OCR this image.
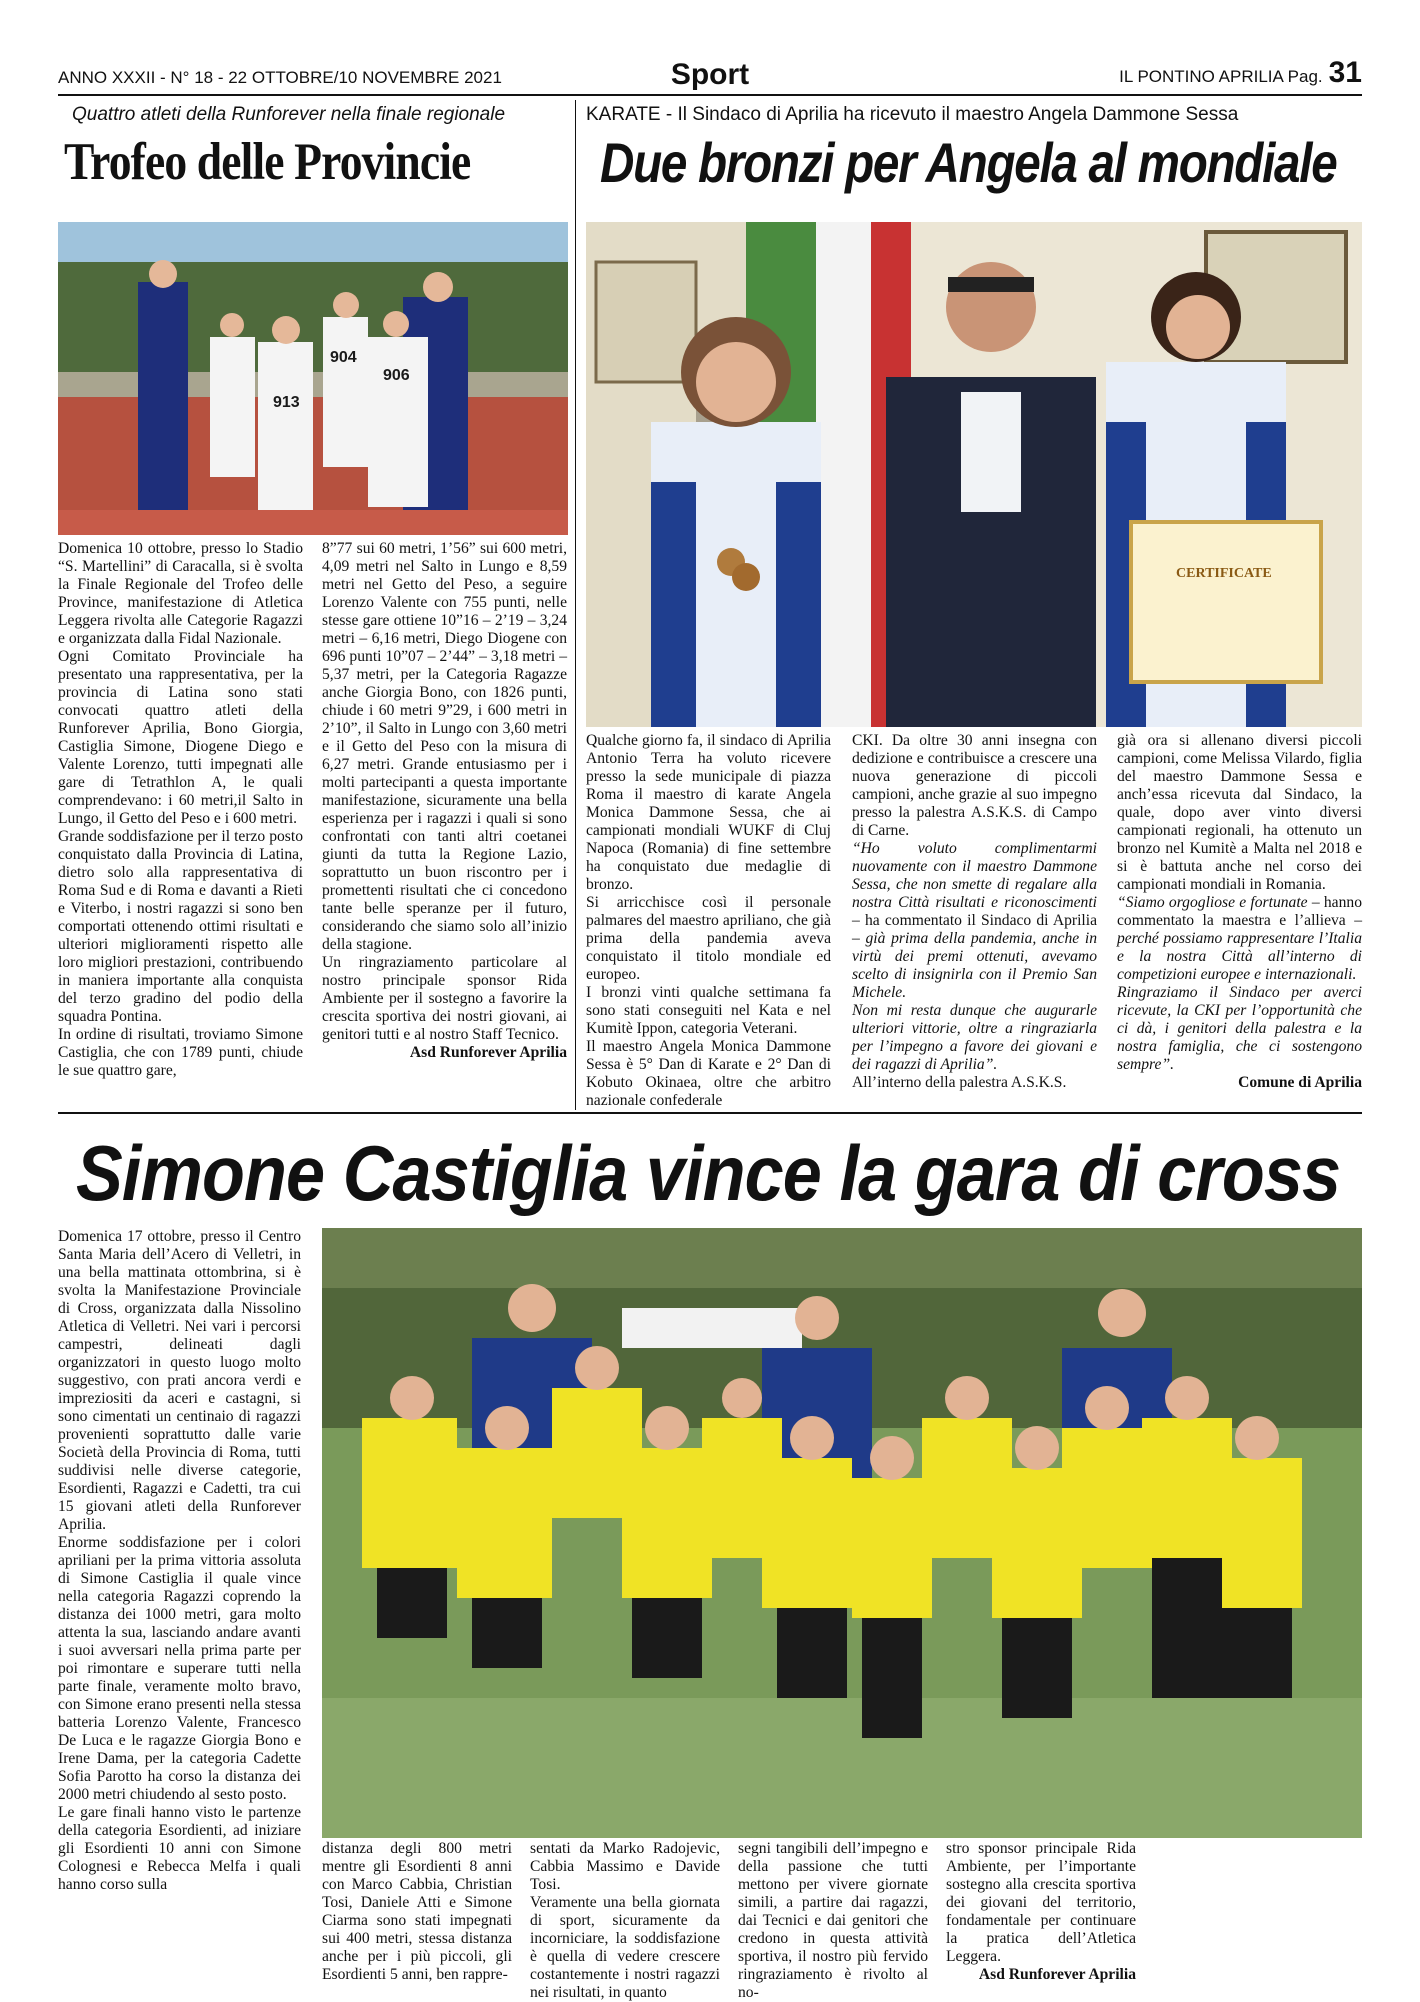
ANNO XXXII - N° 18 - 22 OTTOBRE/10 NOVEMBRE 2021	Sport	IL PONTINO APRILIA Pag. 31
Quattro atleti della Runforever nella finale regionale
Trofeo delle Provincie
913
904
906

Domenica 10 ottobre, presso lo Stadio “S. Martellini” di Caracalla, si è svolta la Finale Regionale del Trofeo delle Province, manifestazione di Atletica Leggera rivolta alle Categorie Ragazzi e organizzata dalla Fidal Nazionale.

Ogni Comitato Provinciale ha presentato una rappresentativa, per la provincia di Latina sono stati convocati quattro atleti della Runforever Aprilia, Bono Giorgia, Castiglia Simone, Diogene Diego e Valente Lorenzo, tutti impegnati alle gare di Tetrathlon A, le quali comprendevano: i 60 metri,il Salto in Lungo, il Getto del Peso e i 600 metri.

Grande soddisfazione per il terzo posto conquistato dalla Provincia di Latina, dietro solo alla rappresentativa di Roma Sud e di Roma e davanti a Rieti e Viterbo, i nostri ragazzi si sono ben comportati ottenendo ottimi risultati e ulteriori miglioramenti rispetto alle loro migliori prestazioni, contribuendo in maniera importante alla conquista del terzo gradino del podio della squadra Pontina.

In ordine di risultati, troviamo Simone Castiglia, che con 1789 punti, chiude le sue quattro gare,

8”77 sui 60 metri, 1’56” sui 600 metri, 4,09 metri nel Salto in Lungo e 8,59 metri nel Getto del Peso, a seguire Lorenzo Valente con 755 punti, nelle stesse gare ottiene 10”16 – 2’19 – 3,24 metri – 6,16 metri, Diego Diogene con 696 punti 10”07 – 2’44” – 3,18 metri – 5,37 metri, per la Categoria Ragazze anche Giorgia Bono, con 1826 punti, chiude i 60 metri 9”29, i 600 metri in 2’10”, il Salto in Lungo con 3,60 metri e il Getto del Peso con la misura di 6,27 metri. Grande entusiasmo per i molti partecipanti a questa importante manifestazione, sicuramente una bella esperienza per i ragazzi i quali si sono confrontati con tanti altri coetanei giunti da tutta la Regione Lazio, soprattutto un buon riscontro per i promettenti risultati che ci concedono tante belle speranze per il futuro, considerando che siamo solo all’inizio della stagione.

Un ringraziamento particolare al nostro principale sponsor Rida Ambiente per il sostegno a favorire la crescita sportiva dei nostri giovani, ai genitori tutti e al nostro Staff Tecnico.

Asd Runforever Aprilia

KARATE - Il Sindaco di Aprilia ha ricevuto il maestro Angela Dammone Sessa
Due bronzi per Angela al mondiale
CERTIFICATE

Qualche giorno fa, il sindaco di Aprilia Antonio Terra ha voluto ricevere presso la sede municipale di piazza Roma il maestro di karate Angela Monica Dammone Sessa, che ai campionati mondiali WUKF di Cluj Napoca (Romania) di fine settembre ha conquistato due medaglie di bronzo.

Si arricchisce così il personale palmares del maestro apriliano, che già prima della pandemia aveva conquistato il titolo mondiale ed europeo.

I bronzi vinti qualche settimana fa sono stati conseguiti nel Kata e nel Kumitè Ippon, categoria Veterani.

Il maestro Angela Monica Dammone Sessa è 5° Dan di Karate e 2° Dan di Kobuto Okinaea, oltre che arbitro nazionale confederale

CKI. Da oltre 30 anni insegna con dedizione e contribuisce a crescere una nuova generazione di piccoli campioni, anche grazie al suo impegno presso la palestra A.S.K.S. di Campo di Carne.

“Ho voluto complimentarmi nuovamente con il maestro Dammone Sessa, che non smette di regalare alla nostra Città risultati e riconoscimenti – ha commentato il Sindaco di Aprilia – già prima della pandemia, anche in virtù dei premi ottenuti, avevamo scelto di insignirla con il Premio San Michele.

Non mi resta dunque che augurarle ulteriori vittorie, oltre a ringraziarla per l’impegno a favore dei giovani e dei ragazzi di Aprilia”.

All’interno della palestra A.S.K.S.

già ora si allenano diversi piccoli campioni, come Melissa Vilardo, figlia del maestro Dammone Sessa e anch’essa ricevuta dal Sindaco, la quale, dopo aver vinto diversi campionati regionali, ha ottenuto un bronzo nel Kumitè a Malta nel 2018 e si è battuta anche nel corso dei campionati mondiali in Romania.

“Siamo orgogliose e fortunate – hanno commentato la maestra e l’allieva – perché possiamo rappresentare l’Italia e la nostra Città all’interno di competizioni europee e internazionali.

Ringraziamo il Sindaco per averci ricevute, la CKI per l’opportunità che ci dà, i genitori della palestra e la nostra famiglia, che ci sostengono sempre”.

Comune di Aprilia

Simone Castiglia vince la gara di cross

Domenica 17 ottobre, presso il Centro Santa Maria dell’Acero di Velletri, in una bella mattinata ottombrina, si è svolta la Manifestazione Provinciale di Cross, organizzata dalla Nissolino Atletica di Velletri. Nei vari i percorsi campestri, delineati dagli organizzatori in questo luogo molto suggestivo, con prati ancora verdi e impreziositi da aceri e castagni, si sono cimentati un centinaio di ragazzi provenienti soprattutto dalle varie Società della Provincia di Roma, tutti suddivisi nelle diverse categorie, Esordienti, Ragazzi e Cadetti, tra cui 15 giovani atleti della Runforever Aprilia.

Enorme soddisfazione per i colori apriliani per la prima vittoria assoluta di Simone Castiglia il quale vince nella categoria Ragazzi coprendo la distanza dei 1000 metri, gara molto attenta la sua, lasciando andare avanti i suoi avversari nella prima parte per poi rimontare e superare tutti nella parte finale, veramente molto bravo, con Simone erano presenti nella stessa batteria Lorenzo Valente, Francesco De Luca e le ragazze Giorgia Bono e Irene Dama, per la categoria Cadette Sofia Parotto ha corso la distanza dei 2000 metri chiudendo al sesto posto.

Le gare finali hanno visto le partenze della categoria Esordienti, ad iniziare gli Esordienti 10 anni con Simone Colognesi e Rebecca Melfa i quali hanno corso sulla

distanza degli 800 metri mentre gli Esordienti 8 anni con Marco Cabbia, Christian Tosi, Daniele Atti e Simone Ciarma sono stati impegnati sui 400 metri, stessa distanza anche per i più piccoli, gli Esordienti 5 anni, ben rappre-

sentati da Marko Radojevic, Cabbia Massimo e Davide Tosi.

Veramente una bella giornata di sport, sicuramente da incorniciare, la soddisfazione è quella di vedere crescere costantemente i nostri ragazzi nei risultati, in quanto

segni tangibili dell’impegno e della passione che tutti mettono per vivere giornate simili, a partire dai ragazzi, dai Tecnici e dai genitori che credono in questa attività sportiva, il nostro più fervido ringraziamento è rivolto al no-

stro sponsor principale Rida Ambiente, per l’importante sostegno alla crescita sportiva dei giovani del territorio, fondamentale per continuare la pratica dell’Atletica Leggera.

Asd Runforever Aprilia
